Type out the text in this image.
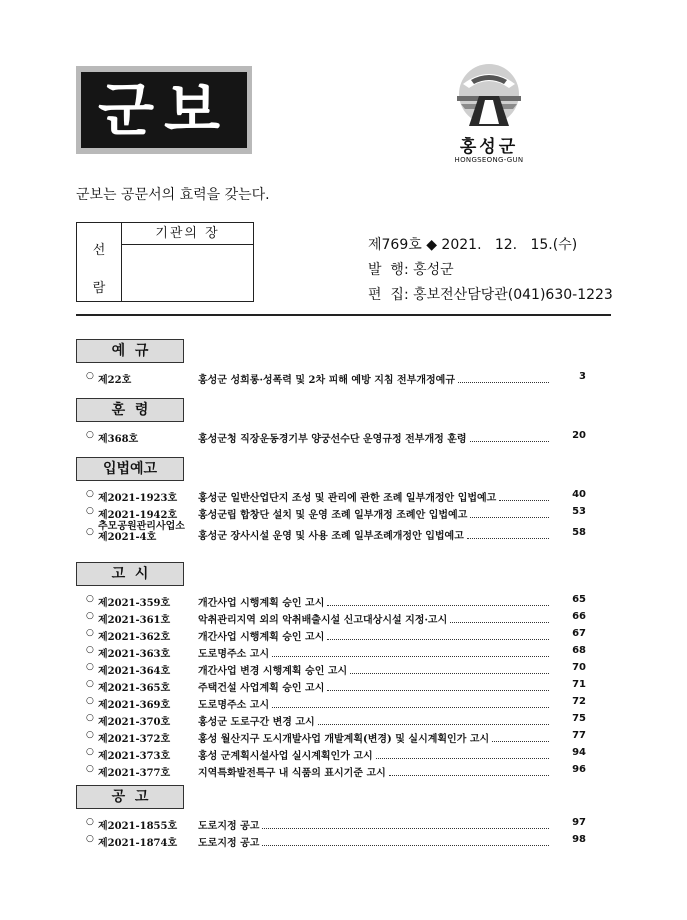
군보
홍성군
HONGSEONG-GUN
군보는 공문서의 효력을 갖는다.
선
람
기관의 장
제769호 ◆ 2021.   12.   15.(수)
발  행: 홍성군
편  집: 홍보전산담당관(041)630-1223
예  규
○ 제22호	홍성군 성희롱·성폭력 및 2차 피해 예방 지침 전부개정예규	3
훈  령
○ 제368호	홍성군청 직장운동경기부 양궁선수단 운영규정 전부개정 훈령	20
입법예고
○ 제2021-1923호 홍성군 일반산업단지 조성 및 관리에 관한 조례 일부개정안 입법예고	40
○ 제2021-1942호 홍성군립 합창단 설치 및 운영 조례 일부개정 조례안 입법예고	53
○ 추모공원관리사업소
제2021-4호	홍성군 장사시설 운영 및 사용 조례 일부조례개정안 입법예고	58
고  시
○ 제2021-359호	개간사업 시행계획 승인 고시	65
○ 제2021-361호	악취관리지역 외의 악취배출시설 신고대상시설 지정·고시	66
○ 제2021-362호	개간사업 시행계획 승인 고시	67
○ 제2021-363호	도로명주소 고시	68
○ 제2021-364호	개간사업 변경 시행계획 승인 고시	70
○ 제2021-365호	주택건설 사업계획 승인 고시	71
○ 제2021-369호	도로명주소 고시	72
○ 제2021-370호	홍성군 도로구간 변경 고시	75
○ 제2021-372호	홍성 월산지구 도시개발사업 개발계획(변경) 및 실시계획인가 고시	77
○ 제2021-373호	홍성 군계획시설사업 실시계획인가 고시	94
○ 제2021-377호	지역특화발전특구 내 식품의 표시기준 고시	96
공  고
○ 제2021-1855호 도로지정 공고	97
○ 제2021-1874호 도로지정 공고	98
